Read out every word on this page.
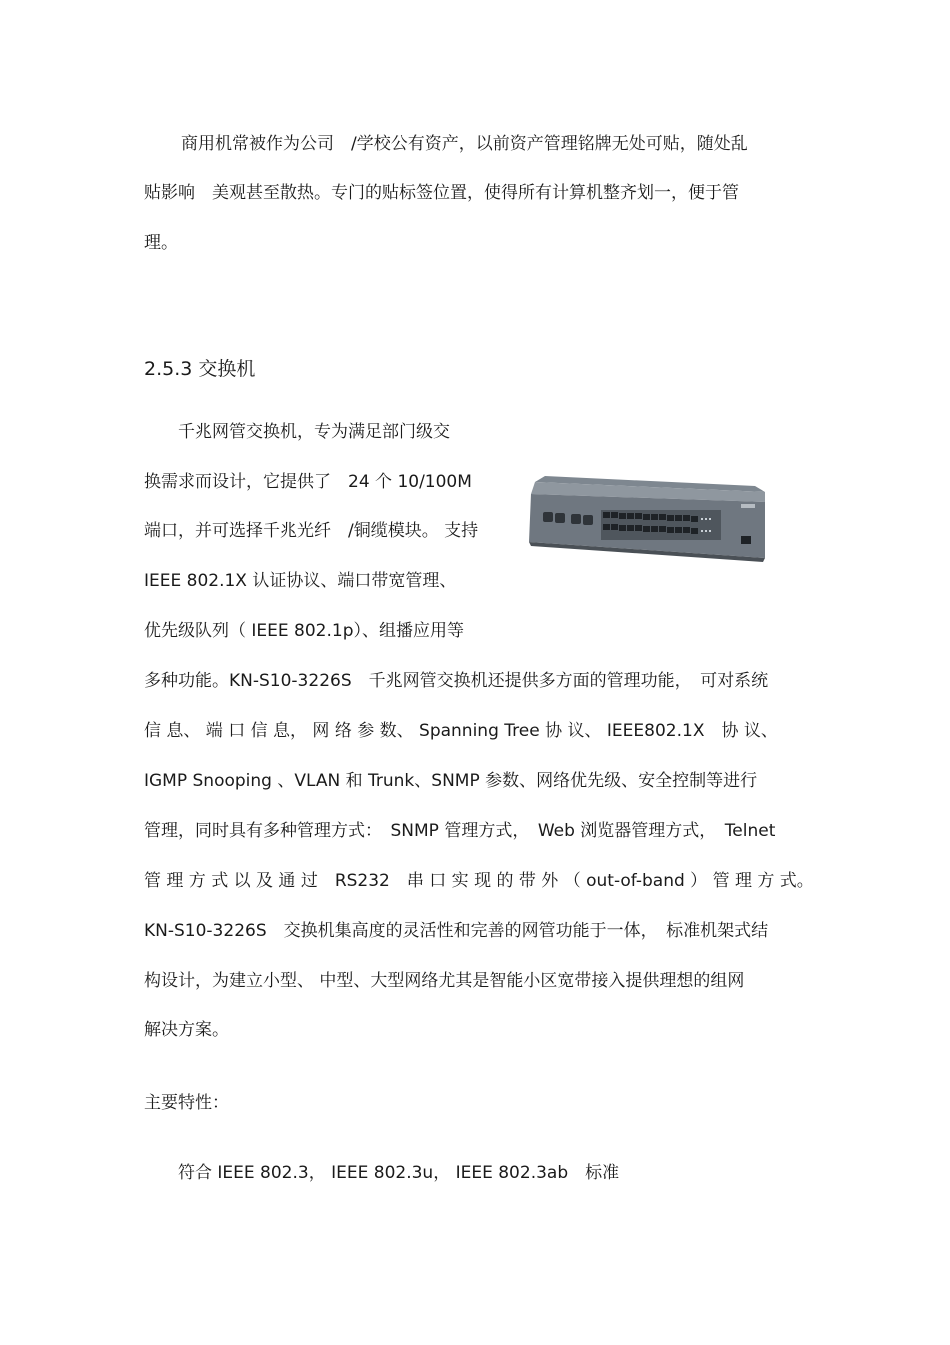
商用机常被作为公司　/学校公有资产，以前资产管理铭牌无处可贴，随处乱
贴影响　美观甚至散热。专门的贴标签位置，使得所有计算机整齐划一，便于管
理。
2.5.3 交换机
千兆网管交换机，专为满足部门级交
换需求而设计，它提供了　24 个 10/100M
端口，并可选择千兆光纤　/铜缆模块。 支持
IEEE 802.1X 认证协议、端口带宽管理、
优先级队列（ IEEE 802.1p）、组播应用等
多种功能。KN-S10-3226S　千兆网管交换机还提供多方面的管理功能，　可对系统
信 息、 端 口 信 息， 网 络 参 数、 Spanning Tree 协 议、 IEEE802.1X　协 议、
IGMP Snooping 、VLAN 和 Trunk、SNMP 参数、网络优先级、安全控制等进行
管理，同时具有多种管理方式：　SNMP 管理方式，　Web 浏览器管理方式，　Telnet
管 理 方 式 以 及 通 过　RS232　串 口 实 现 的 带 外 （ out-of-band ） 管 理 方 式。
KN-S10-3226S　交换机集高度的灵活性和完善的网管功能于一体，　标准机架式结
构设计，为建立小型、 中型、大型网络尤其是智能小区宽带接入提供理想的组网
解决方案。
主要特性：
符合 IEEE 802.3， IEEE 802.3u， IEEE 802.3ab　标准
